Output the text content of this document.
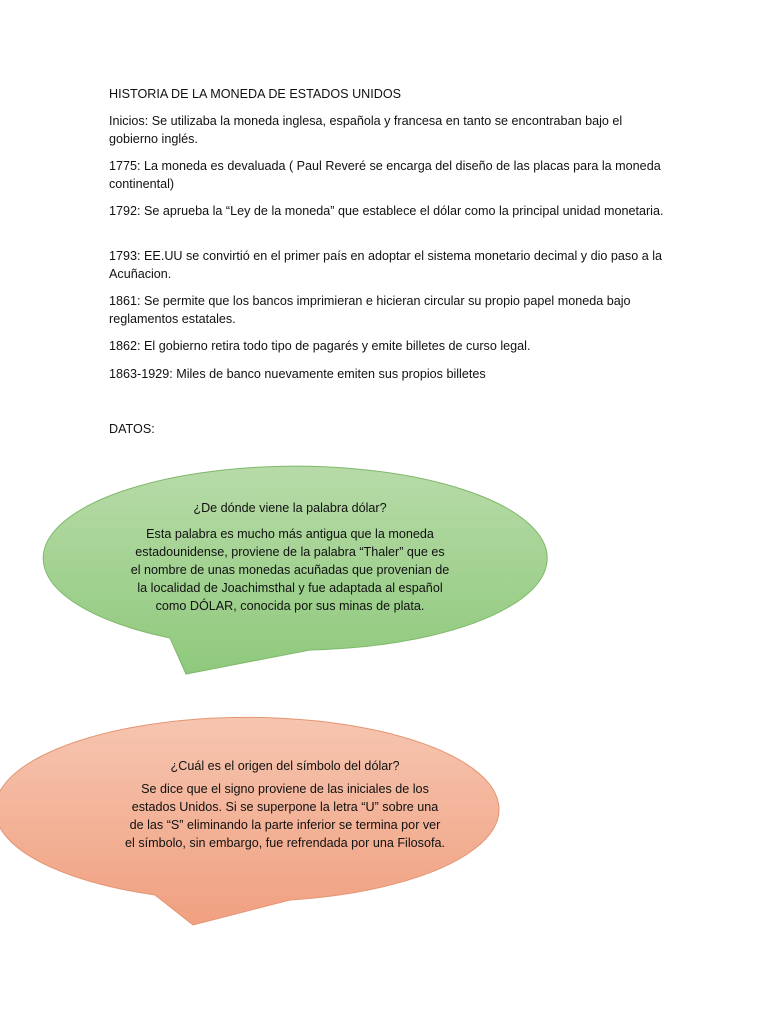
HISTORIA DE LA MONEDA DE ESTADOS UNIDOS

Inicios: Se utilizaba la moneda inglesa, española y francesa en tanto se encontraban bajo el gobierno inglés.

1775: La moneda es devaluada ( Paul Reveré se encarga del diseño de las placas para la moneda continental)

1792: Se aprueba la “Ley de la moneda” que establece el dólar como la principal unidad monetaria.

1793: EE.UU se convirtió en el primer país en adoptar el sistema monetario decimal y dio paso a la Acuñacion.

1861: Se permite que los bancos imprimieran e hicieran circular su propio papel moneda bajo reglamentos estatales.

1862: El gobierno retira todo tipo de pagarés y emite billetes de curso legal.

1863-1929: Miles de banco nuevamente emiten sus propios billetes

DATOS:

¿De dónde viene la palabra dólar?

Esta palabra es mucho más antigua que la moneda estadounidense, proviene de la palabra “Thaler” que es el nombre de unas monedas acuñadas que provenian de la localidad de Joachimsthal y fue adaptada al español como DÓLAR, conocida por sus minas de plata.

¿Cuál es el origen del símbolo del dólar?

Se dice que el signo proviene de las iniciales de los estados Unidos. Si se superpone la letra “U” sobre una de las “S” eliminando la parte inferior se termina por ver el símbolo, sin embargo, fue refrendada por una Filosofa.
